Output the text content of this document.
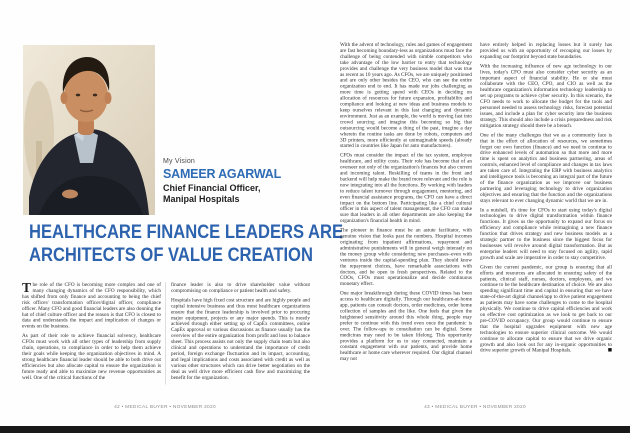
My Vision
SAMEER AGARWAL
Chief Financial Officer,
Manipal Hospitals
HEALTHCARE FINANCE LEADERS ARE
ARCHITECTS OF VALUE CREATION

The role of the CFO is becoming more complex and one of many changing dynamics of the CFO responsibility, which has shifted from only finance and accounting to being the chief risk officer/ transformation officer/digital officer, compliance officer. Many CFO and good financial leaders are also donning the hat of chief culture officer and the reason is that CFO is closest to data and understands the impact and implication of changes or events on the business.

As part of their role to achieve financial solvency, healthcare CFOs must work with all other types of leadership from supply chain, operations, to compliance in order to help them achieve their goals while keeping the organization objectives in mind. A strong healthcare financial leader should be able to both drive out efficiencies but also allocate capital to ensure the organization is future ready and able to maximize new revenue opportunities as well. One of the critical functions of the

finance leader is also to drive shareholder value without compromising on compliance or patient health and safety.

Hospitals have high fixed cost structure and are highly people and capital intensive business and thus most healthcare organizations ensure that the finance leadership is involved prior to procuring major equipment, projects or any major spends. This is mostly achieved through either setting up of CapEx committees, online CapEx approval or various discussions as finance usually has the overview of the entire organization from profit and loss to balance sheet. This process assists not only the supply chain team but also clinical and operations to understand the importance of credit period, foreign exchange fluctuation and its impact, accounting, and legal implications and costs associated with credit as well as various other structures which can drive better negotiation on the deal as well drive more efficient cash flow and maximizing the benefit for the organization.

With the advent of technology, rules and games of engagement are fast becoming boundary-less as organizations must face the challenge of being contended with nimble competitors who take advantage of the low barrier to entry that technology provides and challenge the very business model that was true as recent as 10 years ago. As CFOs, we are uniquely positioned and are only other besides the CEO, who can see the entire organization end to end. It has made our jobs challenging as more time is getting spend with CEOs in deciding on allocation of resources for future expansion, profitability and compliance and looking at new ideas and business models to keep ourselves relevant in this fast changing and dynamic environment. Just as an example, the world is moving fast into crowd sourcing and imagine this becoming so big that outsourcing would become a thing of the past, imagine a day wherein the routine tasks are done by robots, computers and 3D printers, more efficiently at unimaginable speeds (already started in countries like Japan for auto manufactures).

CFOs must consider the impact of the tax system, employee healthcare, and utility costs. Their role has become that of an overseer not only of the organization's finances but also current and incoming talent. Reskilling of teams in the front and backend will help make the brand more relevant and the role is now integrating into all the functions. By working with leaders to reduce talent turnover through engagement, mentoring, and even financial assistance programs, the CFO can have a direct impact on the bottom line. Participating like a chief cultural officer in this aspect of talent management, the CFO can make sure that leaders in all other departments are also keeping the organization's financial health in mind.

The pioneer in finance must be an astute facilitator, with genuine vision that looks past the numbers. Hospital incomes originating from inpatient affirmations, repayment and administrative punishments will in general weigh intensely on the money group while considering new purchases–even with ventures inside the capital-spending plan. They should know the repayment choices, have remarkable associations with doctors, and be open to fresh perspectives. Related to the COOs, CFOs must operationalize and decide continuous monetary effect.

One major breakthrough during these COVID times has been access to healthcare digitally. Through our healthcare-at-home app, patients can consult doctors, order medicines, order home collection of samples and the like. One feels that given the heightened sensitivity around this whole thing, people may prefer to continue with this trend even once the pandemic is over. The follow-ups to consultation can be digital. Some medicines may need to be taken lifelong. This opportunity provides a platform for us to stay connected, maintain a constant engagement with our patients, and provide home healthcare or home care wherever required. Our digital channel may not

have entirely helped in replacing losses but it surely has provided us with an opportunity of recouping our losses by expanding our footprint beyond state boundaries.

With the increasing influence of new age technology in our lives, today's CFO must also consider cyber security as an important aspect of financial stability. He or she must collaborate with the CEO, CPO, and CIO as well as the healthcare organization's information technology leadership to set up programs to achieve cyber security. In this scenario, the CFO needs to work to allocate the budget for the tools and personnel needed to assess technology risks, forecast potential issues, and include a plan for cyber security into the business strategy. This should also include a crisis preparedness and risk mitigation strategy should there be a breach.

One of the many challenges that we as a community face is that in the effort of allocation of resources, we sometimes forget our own function (finance) and we need to continue to drive enhanced levels of automation so that more and more time is spent on analytics and business partnering, areas of controls, enhanced level of compliance and changes in tax laws are taken care of. Integrating the ERP with business analytics and intelligence tools is becoming an integral part of the future of the finance organization as we improve our business partnering and leveraging technology to drive organization objectives and ensuring that the function and the organizations stays relevant to ever changing dynamic world that we are in.

In a nutshell, it's time for CFOs to start using today's digital technologies to drive digital transformation within finance functions. It gives us the opportunity to expand our focus on efficiency and compliance while reimagining a new finance function that drives strategy and new business models as a strategic partner to the business since the biggest focus for businesses will revolve around digital transformation. But as enterprise leaders will need to stay focused on agility, rapid growth and scale are imperative in order to stay competitive.

Given the current pandemic, our group is ensuring that all efforts and resources are allocated in ensuring safety of the patients, clinical staff, nurses, doctors, employees, and we continue to be the healthcare destination of choice. We are also spending significant time and capital in ensuring that we have state-of-the-art digital channel/app to drive patient engagement as patients may have some challenges to come to the hospital physically. We continue to drive capital efficiencies and work on effective cost optimization as we look to get back to our pre-COVID occupancy. Our group would continue to ensure that the hospital upgrades equipment with new age technologies to ensure superior clinical outcome. We would continue to allocate capital to ensure that we drive organic growth and also look out for any in-organic opportunities to drive superior growth of Manipal Hospitals.	■

42 • MEDICAL BUYER • NOVEMBER 2020	43 • MEDICAL BUYER • NOVEMBER 2020
